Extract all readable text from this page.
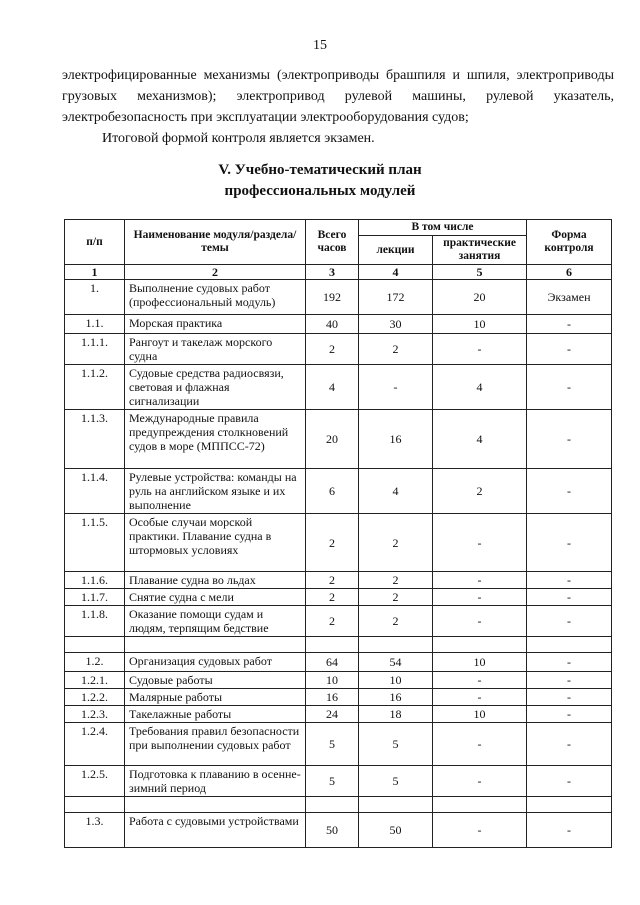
15
электрофицированные механизмы (электроприводы брашпиля и шпиля, электроприводы
грузовых механизмов); электропривод рулевой машины, рулевой указатель,
электробезопасность при эксплуатации электрооборудования судов;
Итоговой формой контроля является экзамен.
V. Учебно-тематический план
профессиональных модулей
п/п	Наименование модуля/раздела/темы	Всего часов	В том числе		Форма контроля
			лекции	практические занятия	
1	2	3	4	5	6
1.	Выполнение судовых работ (профессиональный модуль)	192	172	20	Экзамен
1.1.	Морская практика	40	30	10	-
1.1.1.	Рангоут и такелаж морского судна	2	2	-	-
1.1.2.	Судовые средства радиосвязи, световая и флажная сигнализации	4	-	4	-
1.1.3.	Международные правила предупреждения столкновений судов в море (МППСС-72)	20	16	4	-
1.1.4.	Рулевые устройства: команды на руль на английском языке и их выполнение	6	4	2	-
1.1.5.	Особые случаи морской практики. Плавание судна в штормовых условиях	2	2	-	-
1.1.6.	Плавание судна во льдах	2	2	-	-
1.1.7.	Снятие судна с мели	2	2	-	-
1.1.8.	Оказание помощи судам и людям, терпящим бедствие	2	2	-	-

1.2.	Организация судовых работ	64	54	10	-
1.2.1.	Судовые работы	10	10	-	-
1.2.2.	Малярные работы	16	16	-	-
1.2.3.	Такелажные работы	24	18	10	-
1.2.4.	Требования правил безопасности при выполнении судовых работ	5	5	-	-
1.2.5.	Подготовка к плаванию в осенне-зимний период	5	5	-	-

1.3.	Работа с судовыми устройствами	50	50	-	-
